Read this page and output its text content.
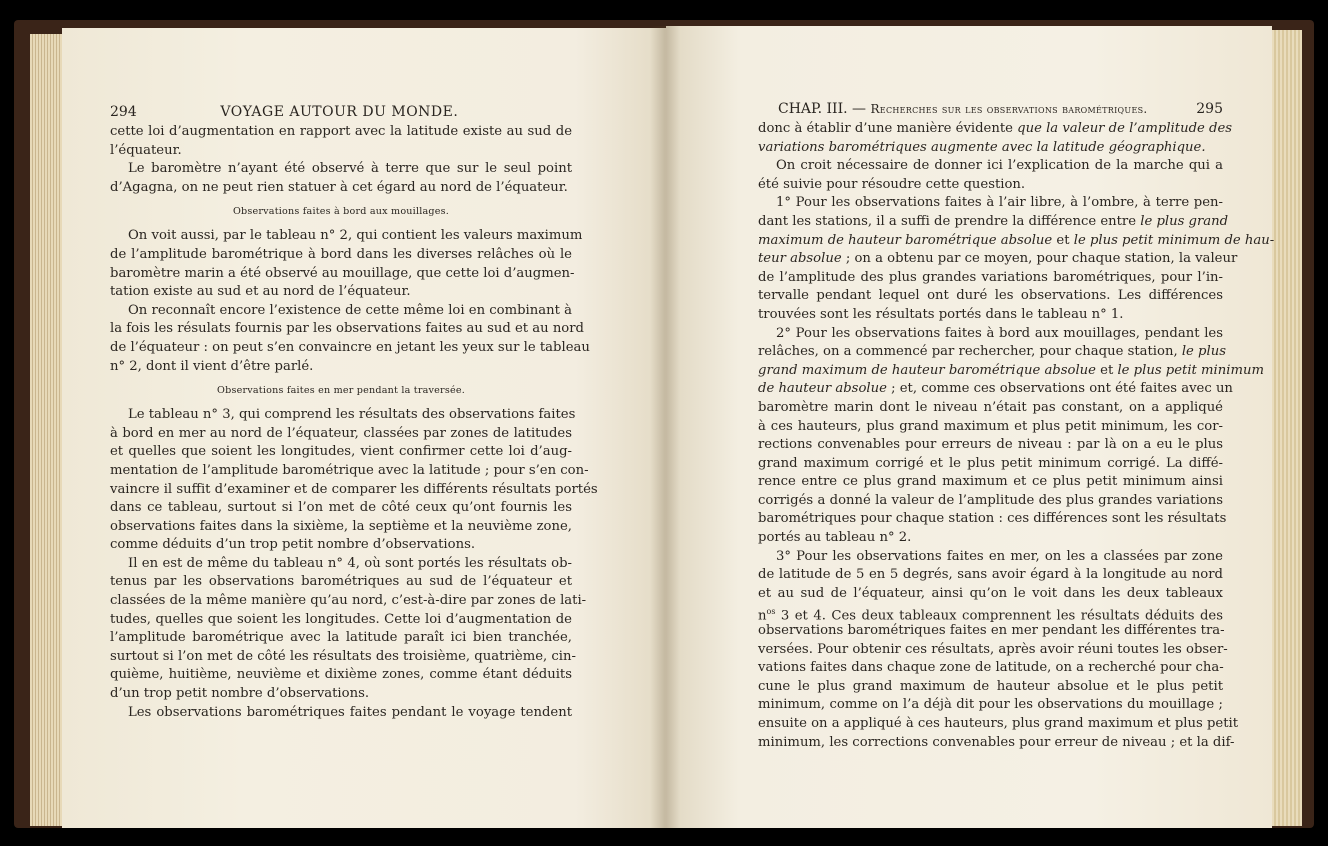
294	VOYAGE AUTOUR DU MONDE.
cette loi d’augmentation en rapport avec la latitude existe au sud de
l’équateur.
Le baromètre n’ayant été observé à terre que sur le seul point
d’Agagna, on ne peut rien statuer à cet égard au nord de l’équateur.
Observations faites à bord aux mouillages.
On voit aussi, par le tableau n° 2, qui contient les valeurs maximum
de l’amplitude barométrique à bord dans les diverses relâches où le
baromètre marin a été observé au mouillage, que cette loi d’augmen-
tation existe au sud et au nord de l’équateur.
On reconnaît encore l’existence de cette même loi en combinant à
la fois les résulats fournis par les observations faites au sud et au nord
de l’équateur : on peut s’en convaincre en jetant les yeux sur le tableau
n° 2, dont il vient d’être parlé.
Observations faites en mer pendant la traversée.
Le tableau n° 3, qui comprend les résultats des observations faites
à bord en mer au nord de l’équateur, classées par zones de latitudes
et quelles que soient les longitudes, vient confirmer cette loi d’aug-
mentation de l’amplitude barométrique avec la latitude ; pour s’en con-
vaincre il suffit d’examiner et de comparer les différents résultats portés
dans ce tableau, surtout si l’on met de côté ceux qu’ont fournis les
observations faites dans la sixième, la septième et la neuvième zone,
comme déduits d’un trop petit nombre d’observations.
Il en est de même du tableau n° 4, où sont portés les résultats ob-
tenus par les observations barométriques au sud de l’équateur et
classées de la même manière qu’au nord, c’est-à-dire par zones de lati-
tudes, quelles que soient les longitudes. Cette loi d’augmentation de
l’amplitude barométrique avec la latitude paraît ici bien tranchée,
surtout si l’on met de côté les résultats des troisième, quatrième, cin-
quième, huitième, neuvième et dixième zones, comme étant déduits
d’un trop petit nombre d’observations.
Les observations barométriques faites pendant le voyage tendent
CHAP. III. — Recherches sur les observations barométriques.	295
donc à établir d’une manière évidente que la valeur de l’amplitude des
variations barométriques augmente avec la latitude géographique.
On croit nécessaire de donner ici l’explication de la marche qui a
été suivie pour résoudre cette question.
1° Pour les observations faites à l’air libre, à l’ombre, à terre pen-
dant les stations, il a suffi de prendre la différence entre le plus grand
maximum de hauteur barométrique absolue et le plus petit minimum de hau-
teur absolue ; on a obtenu par ce moyen, pour chaque station, la valeur
de l’amplitude des plus grandes variations barométriques, pour l’in-
tervalle pendant lequel ont duré les observations. Les différences
trouvées sont les résultats portés dans le tableau n° 1.
2° Pour les observations faites à bord aux mouillages, pendant les
relâches, on a commencé par rechercher, pour chaque station, le plus
grand maximum de hauteur barométrique absolue et le plus petit minimum
de hauteur absolue ; et, comme ces observations ont été faites avec un
baromètre marin dont le niveau n’était pas constant, on a appliqué
à ces hauteurs, plus grand maximum et plus petit minimum, les cor-
rections convenables pour erreurs de niveau : par là on a eu le plus
grand maximum corrigé et le plus petit minimum corrigé. La diffé-
rence entre ce plus grand maximum et ce plus petit minimum ainsi
corrigés a donné la valeur de l’amplitude des plus grandes variations
barométriques pour chaque station : ces différences sont les résultats
portés au tableau n° 2.
3° Pour les observations faites en mer, on les a classées par zone
de latitude de 5 en 5 degrés, sans avoir égard à la longitude au nord
et au sud de l’équateur, ainsi qu’on le voit dans les deux tableaux
$n^{os}$ 3 et 4. Ces deux tableaux comprennent les résultats déduits des
observations barométriques faites en mer pendant les différentes tra-
versées. Pour obtenir ces résultats, après avoir réuni toutes les obser-
vations faites dans chaque zone de latitude, on a recherché pour cha-
cune le plus grand maximum de hauteur absolue et le plus petit
minimum, comme on l’a déjà dit pour les observations du mouillage ;
ensuite on a appliqué à ces hauteurs, plus grand maximum et plus petit
minimum, les corrections convenables pour erreur de niveau ; et la dif-
